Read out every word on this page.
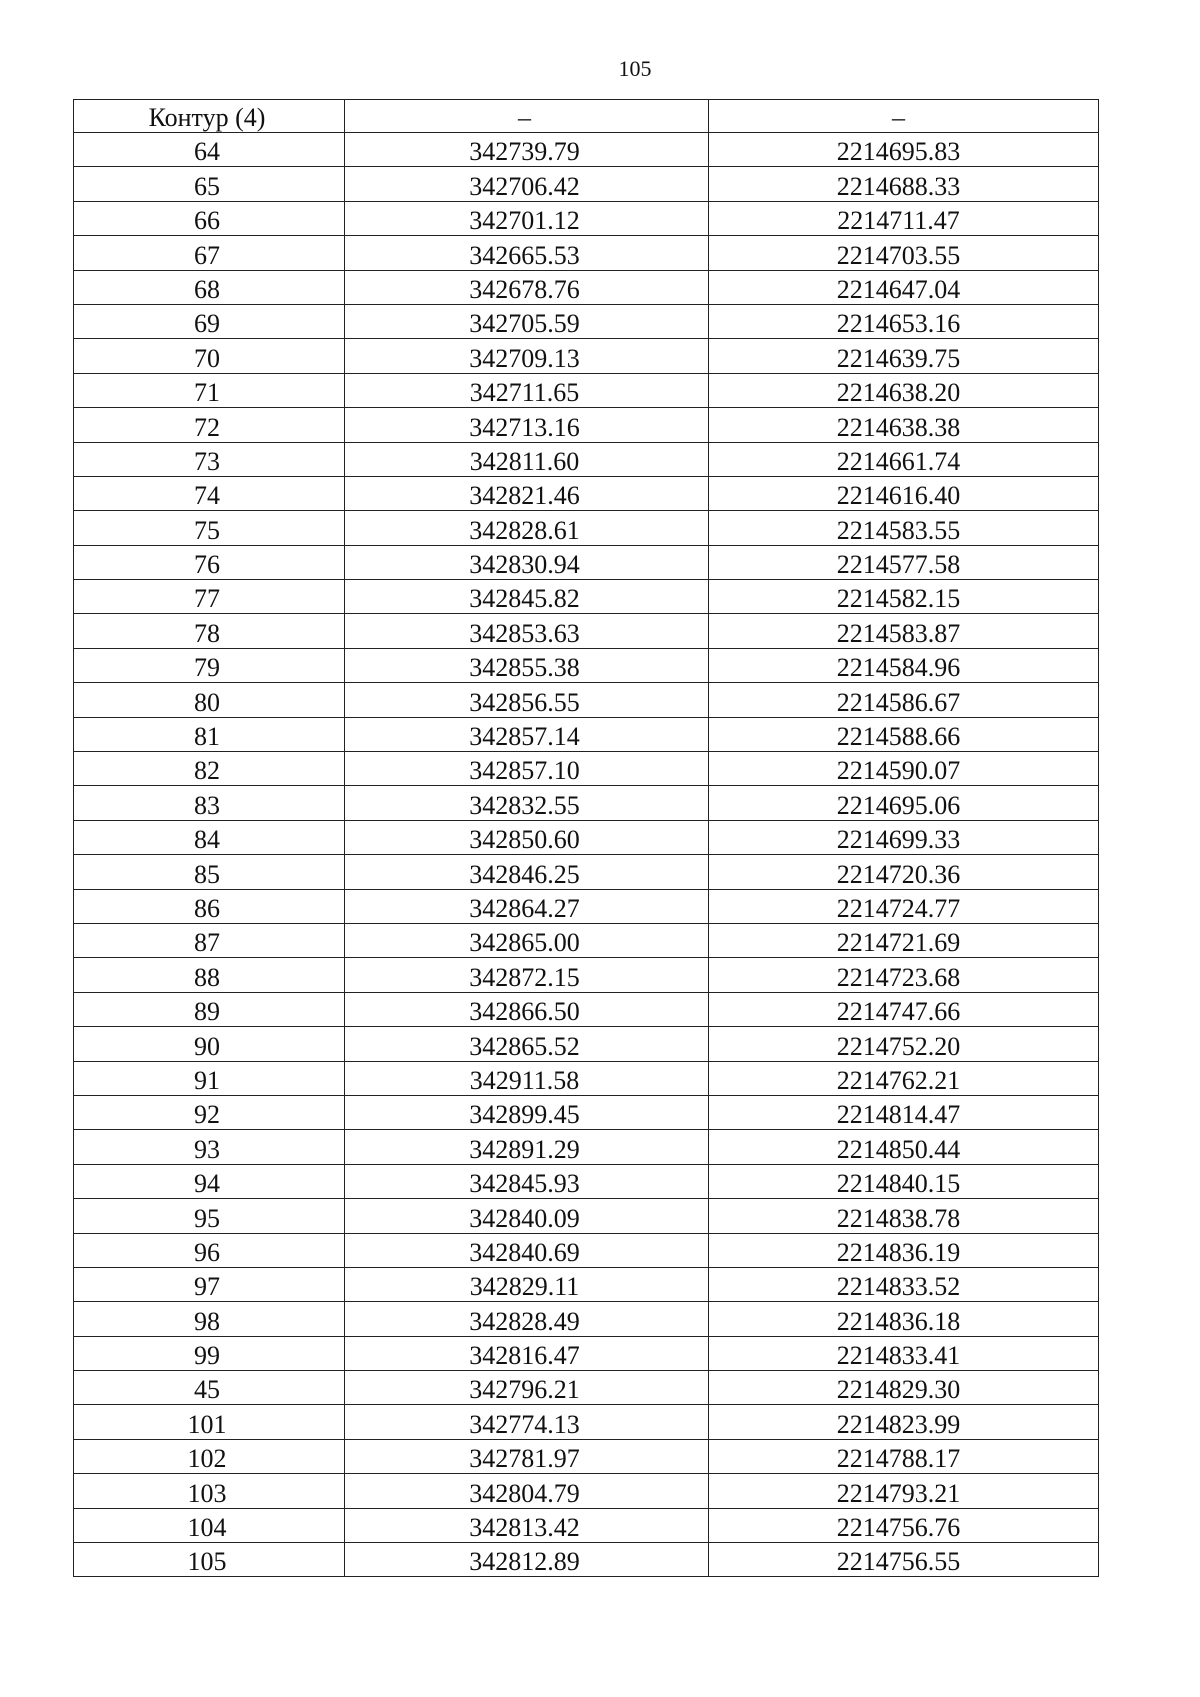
105
Контур (4)	–	–
64	342739.79	2214695.83
65	342706.42	2214688.33
66	342701.12	2214711.47
67	342665.53	2214703.55
68	342678.76	2214647.04
69	342705.59	2214653.16
70	342709.13	2214639.75
71	342711.65	2214638.20
72	342713.16	2214638.38
73	342811.60	2214661.74
74	342821.46	2214616.40
75	342828.61	2214583.55
76	342830.94	2214577.58
77	342845.82	2214582.15
78	342853.63	2214583.87
79	342855.38	2214584.96
80	342856.55	2214586.67
81	342857.14	2214588.66
82	342857.10	2214590.07
83	342832.55	2214695.06
84	342850.60	2214699.33
85	342846.25	2214720.36
86	342864.27	2214724.77
87	342865.00	2214721.69
88	342872.15	2214723.68
89	342866.50	2214747.66
90	342865.52	2214752.20
91	342911.58	2214762.21
92	342899.45	2214814.47
93	342891.29	2214850.44
94	342845.93	2214840.15
95	342840.09	2214838.78
96	342840.69	2214836.19
97	342829.11	2214833.52
98	342828.49	2214836.18
99	342816.47	2214833.41
45	342796.21	2214829.30
101	342774.13	2214823.99
102	342781.97	2214788.17
103	342804.79	2214793.21
104	342813.42	2214756.76
105	342812.89	2214756.55
